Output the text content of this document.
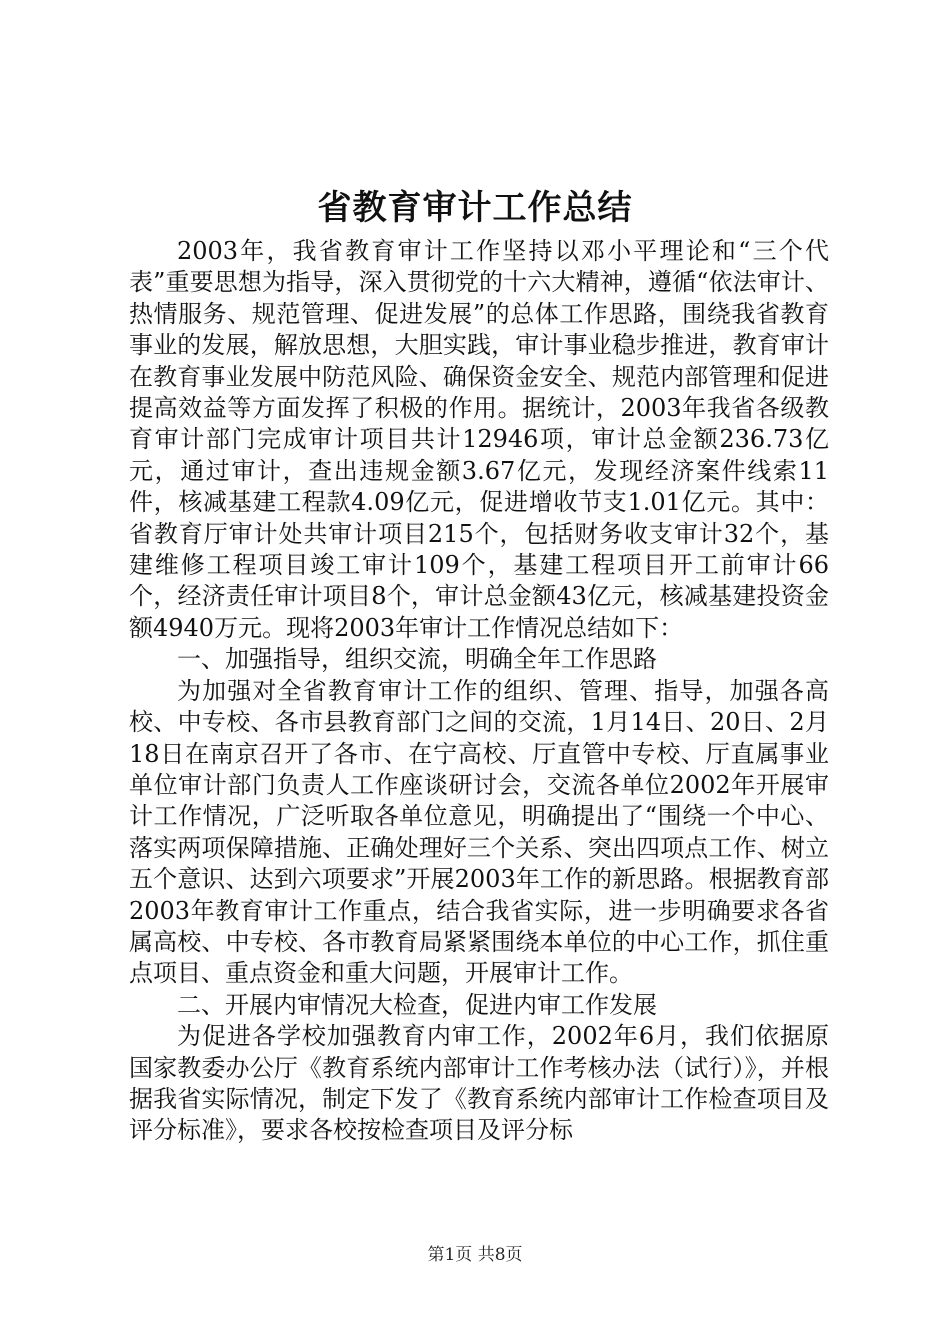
省教育审计工作总结

2003年，我省教育审计工作坚持以邓小平理论和“三个代表”重要思想为指导，深入贯彻党的十六大精神，遵循“依法审计、热情服务、规范管理、促进发展”的总体工作思路，围绕我省教育事业的发展，解放思想，大胆实践，审计事业稳步推进，教育审计在教育事业发展中防范风险、确保资金安全、规范内部管理和促进提高效益等方面发挥了积极的作用。据统计，2003年我省各级教育审计部门完成审计项目共计12946项，审计总金额236.73亿元，通过审计，查出违规金额3.67亿元，发现经济案件线索11件，核减基建工程款4.09亿元，促进增收节支1.01亿元。其中：省教育厅审计处共审计项目215个，包括财务收支审计32个，基建维修工程项目竣工审计109个，基建工程项目开工前审计66个，经济责任审计项目8个，审计总金额43亿元，核减基建投资金额4940万元。现将2003年审计工作情况总结如下：

一、加强指导，组织交流，明确全年工作思路

为加强对全省教育审计工作的组织、管理、指导，加强各高校、中专校、各市县教育部门之间的交流，1月14日、20日、2月18日在南京召开了各市、在宁高校、厅直管中专校、厅直属事业单位审计部门负责人工作座谈研讨会，交流各单位2002年开展审计工作情况，广泛听取各单位意见，明确提出了“围绕一个中心、落实两项保障措施、正确处理好三个关系、突出四项点工作、树立五个意识、达到六项要求”开展2003年工作的新思路。根据教育部2003年教育审计工作重点，结合我省实际，进一步明确要求各省属高校、中专校、各市教育局紧紧围绕本单位的中心工作，抓住重点项目、重点资金和重大问题，开展审计工作。

二、开展内审情况大检查，促进内审工作发展

为促进各学校加强教育内审工作，2002年6月，我们依据原国家教委办公厅《教育系统内部审计工作考核办法（试行）》，并根据我省实际情况，制定下发了《教育系统内部审计工作检查项目及评分标准》，要求各校按检查项目及评分标

第1页 共8页
